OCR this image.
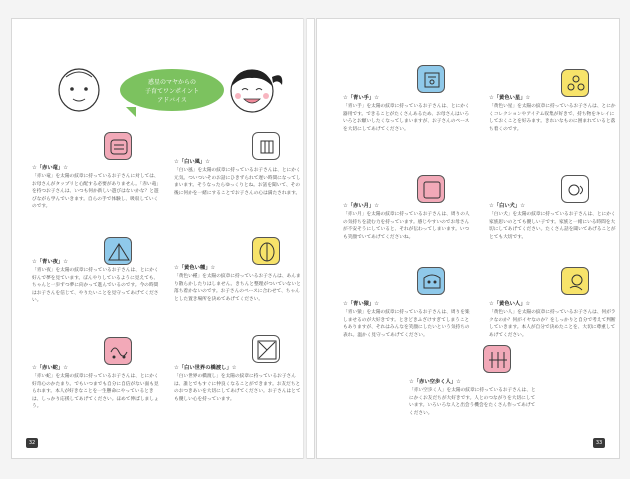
惑星のマヤからの
子育てワンポイント
アドバイス
☆「赤い竜」☆
「赤い竜」を太陽の紋章に持っているお子さんに対しては、お母さんがタップリと心配する必要がありません。「赤い竜」を持つお子さんは、いつも何か新しい遊びはないかな？と遊びながら学んでいきます。自らの手で体験し、吸収していくのです。
☆「白い風」☆
「白い風」を太陽の紋章に持っているお子さんは、とにかく元気。ついついそのお話にひきずられて遅い時間になってしまいます。そうなったらゆっくりとね。お話を聞いて、その後に何かを一緒にすることでお子さんの心は満たされます。
☆「青い夜」☆
「青い夜」を太陽の紋章に持っているお子さんは、とにかく好んで夢を見ています。ぼんやりしているように見えても、ちゃんと一歩ずつ夢に向かって進んでいるのです。今の時間はお子さんを信じて、やりたいことを見守ってあげてください。
☆「黄色い種」☆
「黄色い種」を太陽の紋章に持っているお子さんは、あんまり散らかしたりはしません。きちんと整理がついていないと落ち着かないのです。お子さんのペースに合わせて、ちゃんとした置き場所を決めてあげてください。
☆「赤い蛇」☆
「赤い蛇」を太陽の紋章に持っているお子さんは、とにかく好奇心のかたまり。でもいつまでも自分に自信がない面も見られます。本人が好きなことを一生懸命にやっているときは、しっかり応援してあげてください。ほめて伸ばしましょう。
☆「白い世界の橋渡し」☆
「白い世界の橋渡し」を太陽の紋章に持っているお子さんは、誰とでもすぐに仲良くなることができます。お友だちとのおつきあいを大切にしてあげてください。お子さんはとても優しい心を持っています。
32
☆「青い手」☆
「青い手」を太陽の紋章に持っているお子さんは、とにかく器用です。できることがたくさんあるため、お母さんはいろいろとお願いしたくなってしまいますが、お子さんのペースを大切にしてあげてください。
☆「黄色い星」☆
「黄色い星」を太陽の紋章に持っているお子さんは、とにかくコレクションやアイテム収集が好きで、持ち物をキレイにしておくことを好みます。きれいなものに囲まれていると落ち着くのです。
☆「赤い月」☆
「赤い月」を太陽の紋章に持っているお子さんは、周りの人の気持ちを読む力を持っています。感じやすいのでお母さんが不安そうにしていると、それが伝わってしまいます。いつも笑顔でいてあげてくださいね。
☆「白い犬」☆
「白い犬」を太陽の紋章に持っているお子さんは、とにかく家族思いのとても優しい子です。家族と一緒にいる時間を大切にしてあげてください。たくさん話を聞いてあげることがとても大切です。
☆「青い猿」☆
「青い猿」を太陽の紋章に持っているお子さんは、周りを楽しませるのが大好きです。ときどきふざけすぎてしまうこともありますが、それはみんなを笑顔にしたいという気持ちの表れ。温かく見守ってあげてください。
☆「黄色い人」☆
「黄色い人」を太陽の紋章に持っているお子さんは、何がラクなのか？何がイヤなのか？をしっかりと自分で考えて判断していきます。本人が自分で決めたことを、大切に尊重してあげてください。
☆「赤い空歩く人」☆
「赤い空歩く人」を太陽の紋章に持っているお子さんは、とにかくお友だちが大好きです。人とのつながりを大切にしています。いろいろな人と出会う機会をたくさん作ってあげてください。
33
